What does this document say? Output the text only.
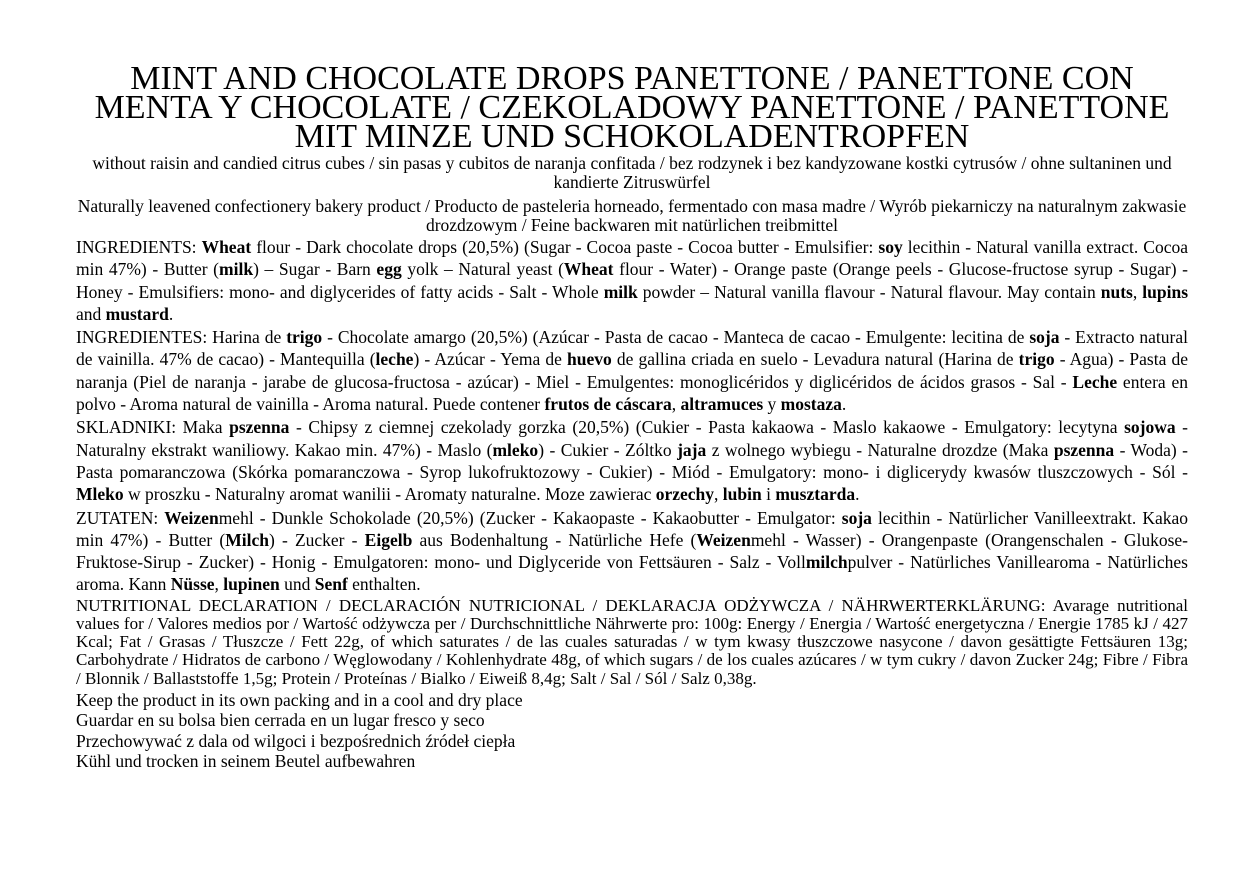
MINT AND CHOCOLATE DROPS PANETTONE / PANETTONE CON MENTA Y CHOCOLATE / CZEKOLADOWY PANETTONE / PANETTONE MIT MINZE UND SCHOKOLADENTROPFEN

without raisin and candied citrus cubes / sin pasas y cubitos de naranja confitada / bez rodzynek i bez kandyzowane kostki cytrusów / ohne sultaninen und kandierte Zitruswürfel

Naturally leavened confectionery bakery product / Producto de pasteleria horneado, fermentado con masa madre / Wyrób piekarniczy na naturalnym zakwasie drozdzowym / Feine backwaren mit natürlichen treibmittel

INGREDIENTS: Wheat flour - Dark chocolate drops (20,5%) (Sugar - Cocoa paste - Cocoa butter - Emulsifier: soy lecithin - Natural vanilla extract. Cocoa min 47%) - Butter (milk) – Sugar - Barn egg yolk – Natural yeast (Wheat flour - Water) - Orange paste (Orange peels - Glucose-fructose syrup - Sugar) - Honey - Emulsifiers: mono- and diglycerides of fatty acids - Salt - Whole milk powder – Natural vanilla flavour - Natural flavour. May contain nuts, lupins and mustard.

INGREDIENTES: Harina de trigo - Chocolate amargo (20,5%) (Azúcar - Pasta de cacao - Manteca de cacao - Emulgente: lecitina de soja - Extracto natural de vainilla. 47% de cacao) - Mantequilla (leche) - Azúcar - Yema de huevo de gallina criada en suelo - Levadura natural (Harina de trigo - Agua) - Pasta de naranja (Piel de naranja - jarabe de glucosa-fructosa - azúcar) - Miel - Emulgentes: monoglicéridos y diglicéridos de ácidos grasos - Sal - Leche entera en polvo - Aroma natural de vainilla - Aroma natural. Puede contener frutos de cáscara, altramuces y mostaza.

SKLADNIKI: Maka pszenna - Chipsy z ciemnej czekolady gorzka (20,5%) (Cukier - Pasta kakaowa - Maslo kakaowe - Emulgatory: lecytyna sojowa - Naturalny ekstrakt waniliowy. Kakao min. 47%) - Maslo (mleko) - Cukier - Zóltko jaja z wolnego wybiegu - Naturalne drozdze (Maka pszenna - Woda) - Pasta pomaranczowa (Skórka pomaranczowa - Syrop lukofruktozowy - Cukier) - Miód - Emulgatory: mono- i diglicerydy kwasów tluszczowych - Sól - Mleko w proszku - Naturalny aromat wanilii - Aromaty naturalne. Moze zawierac orzechy, lubin i musztarda.

ZUTATEN: Weizenmehl - Dunkle Schokolade (20,5%) (Zucker - Kakaopaste - Kakaobutter - Emulgator: soja lecithin - Natürlicher Vanilleextrakt. Kakao min 47%) - Butter (Milch) - Zucker - Eigelb aus Bodenhaltung - Natürliche Hefe (Weizenmehl - Wasser) - Orangenpaste (Orangenschalen - Glukose-Fruktose-Sirup - Zucker) - Honig - Emulgatoren: mono- und Diglyceride von Fettsäuren - Salz - Vollmilchpulver - Natürliches Vanillearoma - Natürliches aroma. Kann Nüsse, lupinen und Senf enthalten.

NUTRITIONAL DECLARATION / DECLARACIÓN NUTRICIONAL / DEKLARACJA ODŻYWCZA / NÄHRWERTERKLÄRUNG: Avarage nutritional values for / Valores medios por / Wartość odżywcza per / Durchschnittliche Nährwerte pro: 100g: Energy / Energia / Wartość energetyczna / Energie 1785 kJ / 427 Kcal; Fat / Grasas / Tłuszcze / Fett 22g, of which saturates / de las cuales saturadas / w tym kwasy tłuszczowe nasycone / davon gesättigte Fettsäuren 13g; Carbohydrate / Hidratos de carbono / Węglowodany / Kohlenhydrate 48g, of which sugars / de los cuales azúcares / w tym cukry / davon Zucker 24g; Fibre / Fibra / Blonnik / Ballaststoffe 1,5g; Protein / Proteínas / Bialko / Eiweiß 8,4g; Salt / Sal / Sól / Salz 0,38g.

Keep the product in its own packing and in a cool and dry place

Guardar en su bolsa bien cerrada en un lugar fresco y seco

Przechowywać z dala od wilgoci i bezpośrednich źródeł ciepła

Kühl und trocken in seinem Beutel aufbewahren
